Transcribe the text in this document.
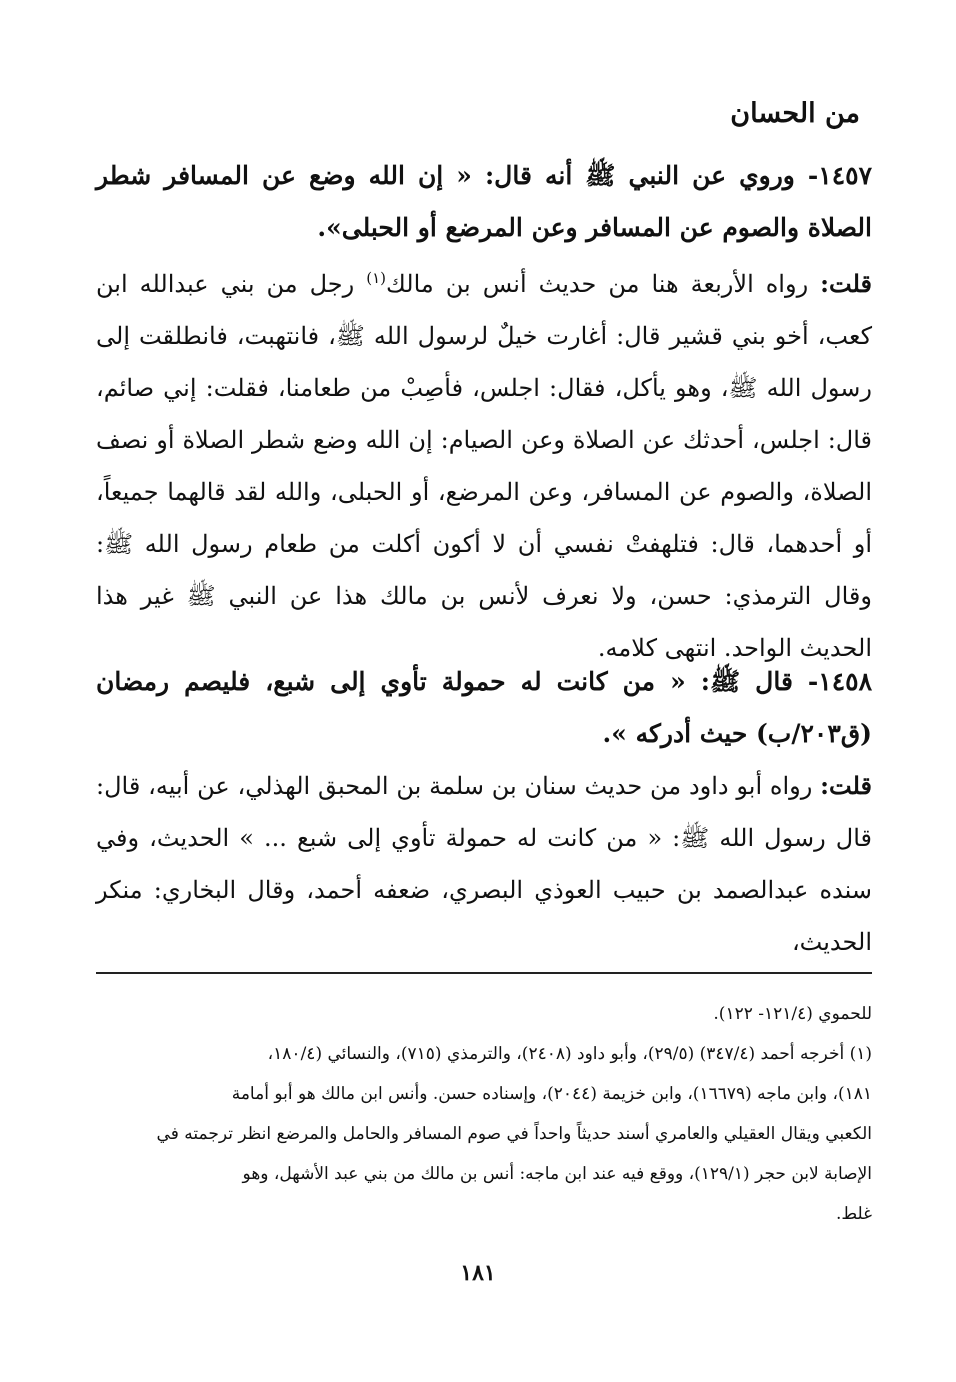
من الحسان
١٤٥٧- وروي عن النبي ﷺ أنه قال: « إن الله وضع عن المسافر شطر الصلاة والصوم عن المسافر وعن المرضع أو الحبلى».
قلت: رواه الأربعة هنا من حديث أنس بن مالك$^{(١)}$ رجل من بني عبدالله ابن كعب، أخو بني قشير قال: أغارت خيلٌ لرسول الله ﷺ، فانتهبت، فانطلقت إلى رسول الله ﷺ، وهو يأكل، فقال: اجلس، فأصِبْ من طعامنا، فقلت: إني صائم، قال: اجلس، أحدثك عن الصلاة وعن الصيام: إن الله وضع شطر الصلاة أو نصف الصلاة، والصوم عن المسافر، وعن المرضع، أو الحبلى، والله لقد قالهما جميعاً، أو أحدهما، قال: فتلهفتْ نفسي أن لا أكون أكلت من طعام رسول الله ﷺ: وقال الترمذي: حسن، ولا نعرف لأنس بن مالك هذا عن النبي ﷺ غير هذا الحديث الواحد. انتهى كلامه.
١٤٥٨- قال ﷺ: « من كانت له حمولة تأوي إلى شبع، فليصم رمضان (ق٢٠٣/ب) حيث أدركه ».
قلت: رواه أبو داود من حديث سنان بن سلمة بن المحبق الهذلي، عن أبيه، قال: قال رسول الله ﷺ: « من كانت له حمولة تأوي إلى شبع ... » الحديث، وفي سنده عبدالصمد بن حبيب العوذي البصري، ضعفه أحمد، وقال البخاري: منكر الحديث،

للحموي (١٢١/٤- ١٢٢).

(١) أخرجه أحمد (٣٤٧/٤) (٢٩/٥)، وأبو داود (٢٤٠٨)، والترمذي (٧١٥)، والنسائي (١٨٠/٤،

١٨١)، وابن ماجه (١٦٦٧٩)، وابن خزيمة (٢٠٤٤)، وإسناده حسن. وأنس ابن مالك هو أبو أمامة

الكعبي ويقال العقيلي والعامري أسند حديثاً واحداً في صوم المسافر والحامل والمرضع انظر ترجمته في

الإصابة لابن حجر (١٢٩/١)، ووقع فيه عند ابن ماجه: أنس بن مالك من بني عبد الأشهل، وهو

غلط.

١٨١
